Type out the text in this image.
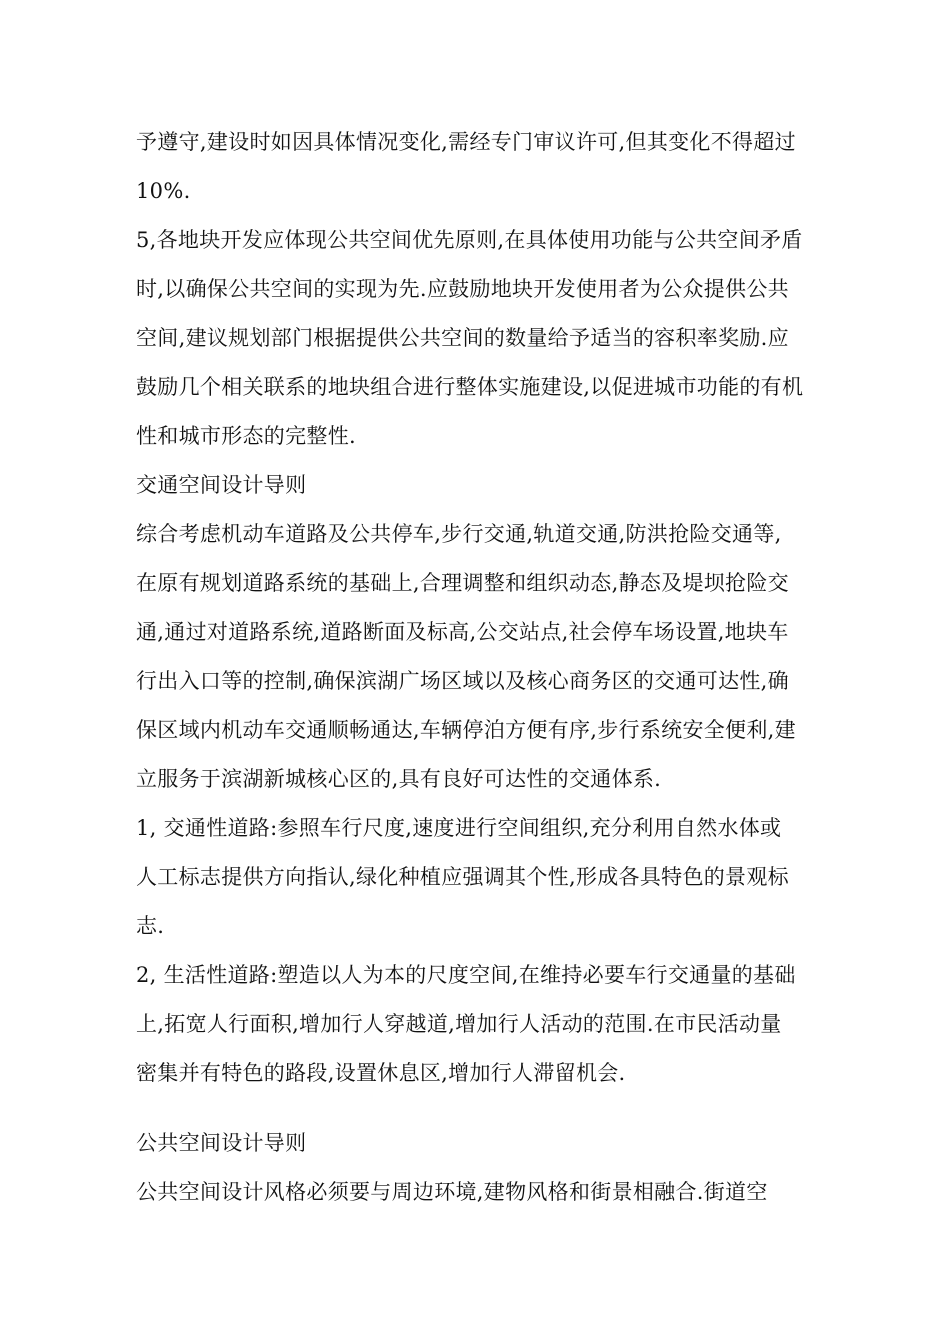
予遵守,建设时如因具体情况变化,需经专门审议许可,但其变化不得超过
10%.
5,各地块开发应体现公共空间优先原则,在具体使用功能与公共空间矛盾
时,以确保公共空间的实现为先.应鼓励地块开发使用者为公众提供公共
空间,建议规划部门根据提供公共空间的数量给予适当的容积率奖励.应
鼓励几个相关联系的地块组合进行整体实施建设,以促进城市功能的有机
性和城市形态的完整性.
交通空间设计导则
综合考虑机动车道路及公共停车,步行交通,轨道交通,防洪抢险交通等,
在原有规划道路系统的基础上,合理调整和组织动态,静态及堤坝抢险交
通,通过对道路系统,道路断面及标高,公交站点,社会停车场设置,地块车
行出入口等的控制,确保滨湖广场区域以及核心商务区的交通可达性,确
保区域内机动车交通顺畅通达,车辆停泊方便有序,步行系统安全便利,建
立服务于滨湖新城核心区的,具有良好可达性的交通体系.
1, 交通性道路:参照车行尺度,速度进行空间组织,充分利用自然水体或
人工标志提供方向指认,绿化种植应强调其个性,形成各具特色的景观标
志.
2, 生活性道路:塑造以人为本的尺度空间,在维持必要车行交通量的基础
上,拓宽人行面积,增加行人穿越道,增加行人活动的范围.在市民活动量
密集并有特色的路段,设置休息区,增加行人滞留机会.
公共空间设计导则
公共空间设计风格必须要与周边环境,建物风格和街景相融合.街道空
